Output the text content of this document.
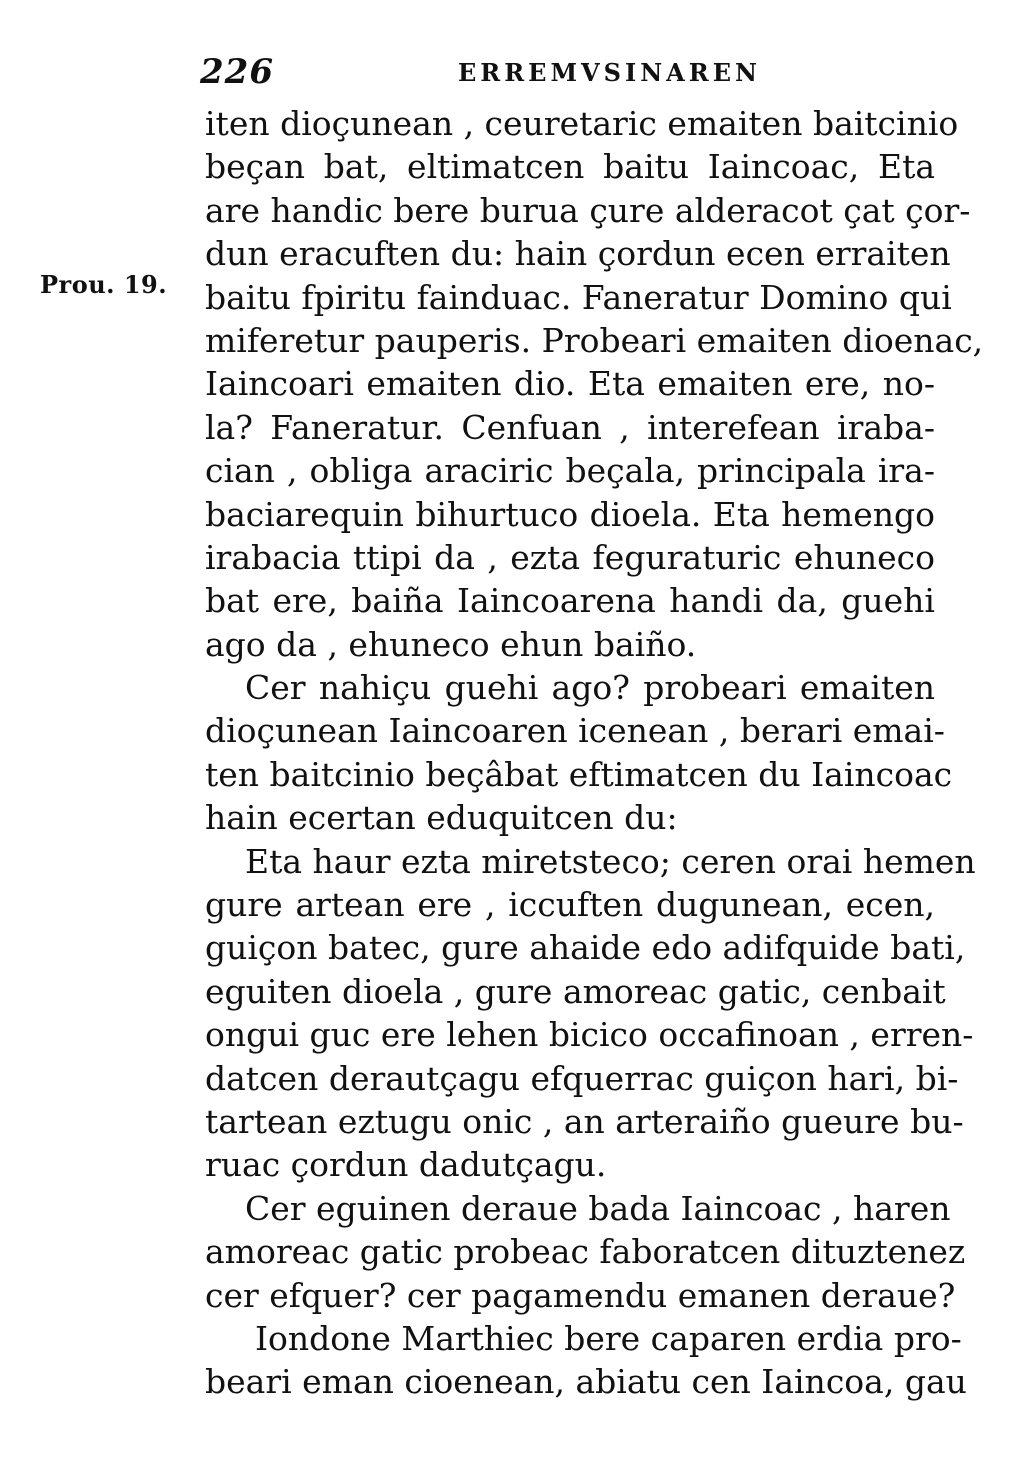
226	ERREMVSINAREN
Prou. 19.
iten dioçunean , ceuretaric emaiten baitcinio
beçan bat, eltimatcen baitu Iaincoac, Eta
are handic bere burua çure alderacot çat çor-
dun eracuften du: hain çordun ecen erraiten
baitu fpiritu fainduac. Faneratur Domino qui
miferetur pauperis. Probeari emaiten dioenac,
Iaincoari emaiten dio. Eta emaiten ere, no-
la? Faneratur. Cenfuan , interefean iraba-
cian , obliga araciric beçala, principala ira-
baciarequin bihurtuco dioela. Eta hemengo
irabacia ttipi da , ezta feguraturic ehuneco
bat ere, baiña Iaincoarena handi da, guehi
ago da , ehuneco ehun baiño.
Cer nahiçu guehi ago? probeari emaiten
dioçunean Iaincoaren icenean , berari emai-
ten baitcinio beçâbat eftimatcen du Iaincoac
hain ecertan eduquitcen du:
Eta haur ezta miretsteco; ceren orai hemen
gure artean ere , iccuften dugunean, ecen,
guiçon batec, gure ahaide edo adifquide bati,
eguiten dioela , gure amoreac gatic, cenbait
ongui guc ere lehen bicico occafinoan , erren-
datcen derautçagu efquerrac guiçon hari, bi-
tartean eztugu onic , an arteraiño gueure bu-
ruac çordun dadutçagu.
Cer eguinen deraue bada Iaincoac , haren
amoreac gatic probeac faboratcen dituztenez
cer efquer? cer pagamendu emanen deraue?
Iondone Marthiec bere caparen erdia pro-
beari eman cioenean, abiatu cen Iaincoa, gau
